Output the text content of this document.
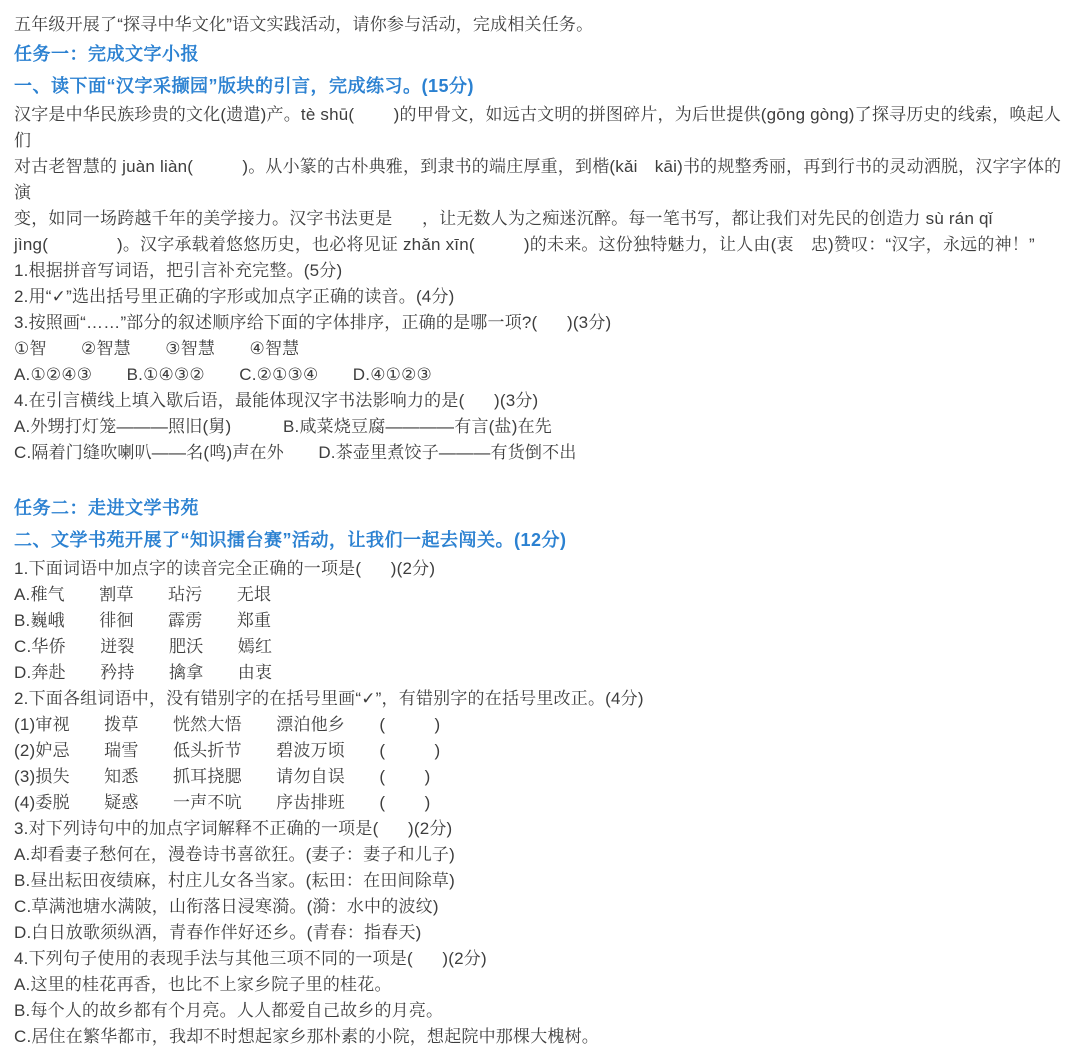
五年级开展了“探寻中华文化”语文实践活动，请你参与活动，完成相关任务。
任务一：完成文字小报
一、读下面“汉字采撷园”版块的引言，完成练习。(15分)
汉字是中华民族珍贵的文化(遗遣)产。tè shū(        )的甲骨文，如远古文明的拼图碎片，为后世提供(gōng gòng)了探寻历史的线索，唤起人们
对古老智慧的 juàn liàn(          )。从小篆的古朴典雅，到隶书的端庄厚重，到楷(kǎi　kāi)书的规整秀丽，再到行书的灵动洒脱，汉字字体的演
变，如同一场跨越千年的美学接力。汉字书法更是      ，让无数人为之痴迷沉醉。每一笔书写，都让我们对先民的创造力 sù rán qǐ
jìng(              )。汉字承载着悠悠历史，也必将见证 zhǎn xīn(          )的未来。这份独特魅力，让人由(衷　忠)赞叹：“汉字，永远的神！”
1.根据拼音写词语，把引言补充完整。(5分)
2.用“✓”选出括号里正确的字形或加点字正确的读音。(4分)
3.按照画“……”部分的叙述顺序给下面的字体排序，正确的是哪一项?(      )(3分)
①智　　②智慧　　③智慧　　④智慧
A.①②④③　　B.①④③②　　C.②①③④　　D.④①②③
4.在引言横线上填入歇后语，最能体现汉字书法影响力的是(      )(3分)
A.外甥打灯笼———照旧(舅)　　　B.咸菜烧豆腐————有言(盐)在先
C.隔着门缝吹喇叭——名(鸣)声在外　　D.茶壶里煮饺子———有货倒不出
任务二：走进文学书苑
二、文学书苑开展了“知识擂台赛”活动，让我们一起去闯关。(12分)
1.下面词语中加点字的读音完全正确的一项是(      )(2分)
A.稚气　　割草　　玷污　　无垠
B.巍峨　　徘徊　　霹雳　　郑重
C.华侨　　迸裂　　肥沃　　嫣红
D.奔赴　　矜持　　擒拿　　由衷
2.下面各组词语中，没有错别字的在括号里画“✓”，有错别字的在括号里改正。(4分)
(1)审视　　拨草　　恍然大悟　　漂泊他乡　　(          )
(2)妒忌　　瑞雪　　低头折节　　碧波万顷　　(          )
(3)损失　　知悉　　抓耳挠腮　　请勿自误　　(        )
(4)委脱　　疑惑　　一声不吭　　序齿排班　　(        )
3.对下列诗句中的加点字词解释不正确的一项是(      )(2分)
A.却看妻子愁何在，漫卷诗书喜欲狂。(妻子：妻子和儿子)
B.昼出耘田夜绩麻，村庄儿女各当家。(耘田：在田间除草)
C.草满池塘水满陂，山衔落日浸寒漪。(漪：水中的波纹)
D.白日放歌须纵酒，青春作伴好还乡。(青春：指春天)
4.下列句子使用的表现手法与其他三项不同的一项是(      )(2分)
A.这里的桂花再香，也比不上家乡院子里的桂花。
B.每个人的故乡都有个月亮。人人都爱自己故乡的月亮。
C.居住在繁华都市，我却不时想起家乡那朴素的小院，想起院中那棵大槐树。
